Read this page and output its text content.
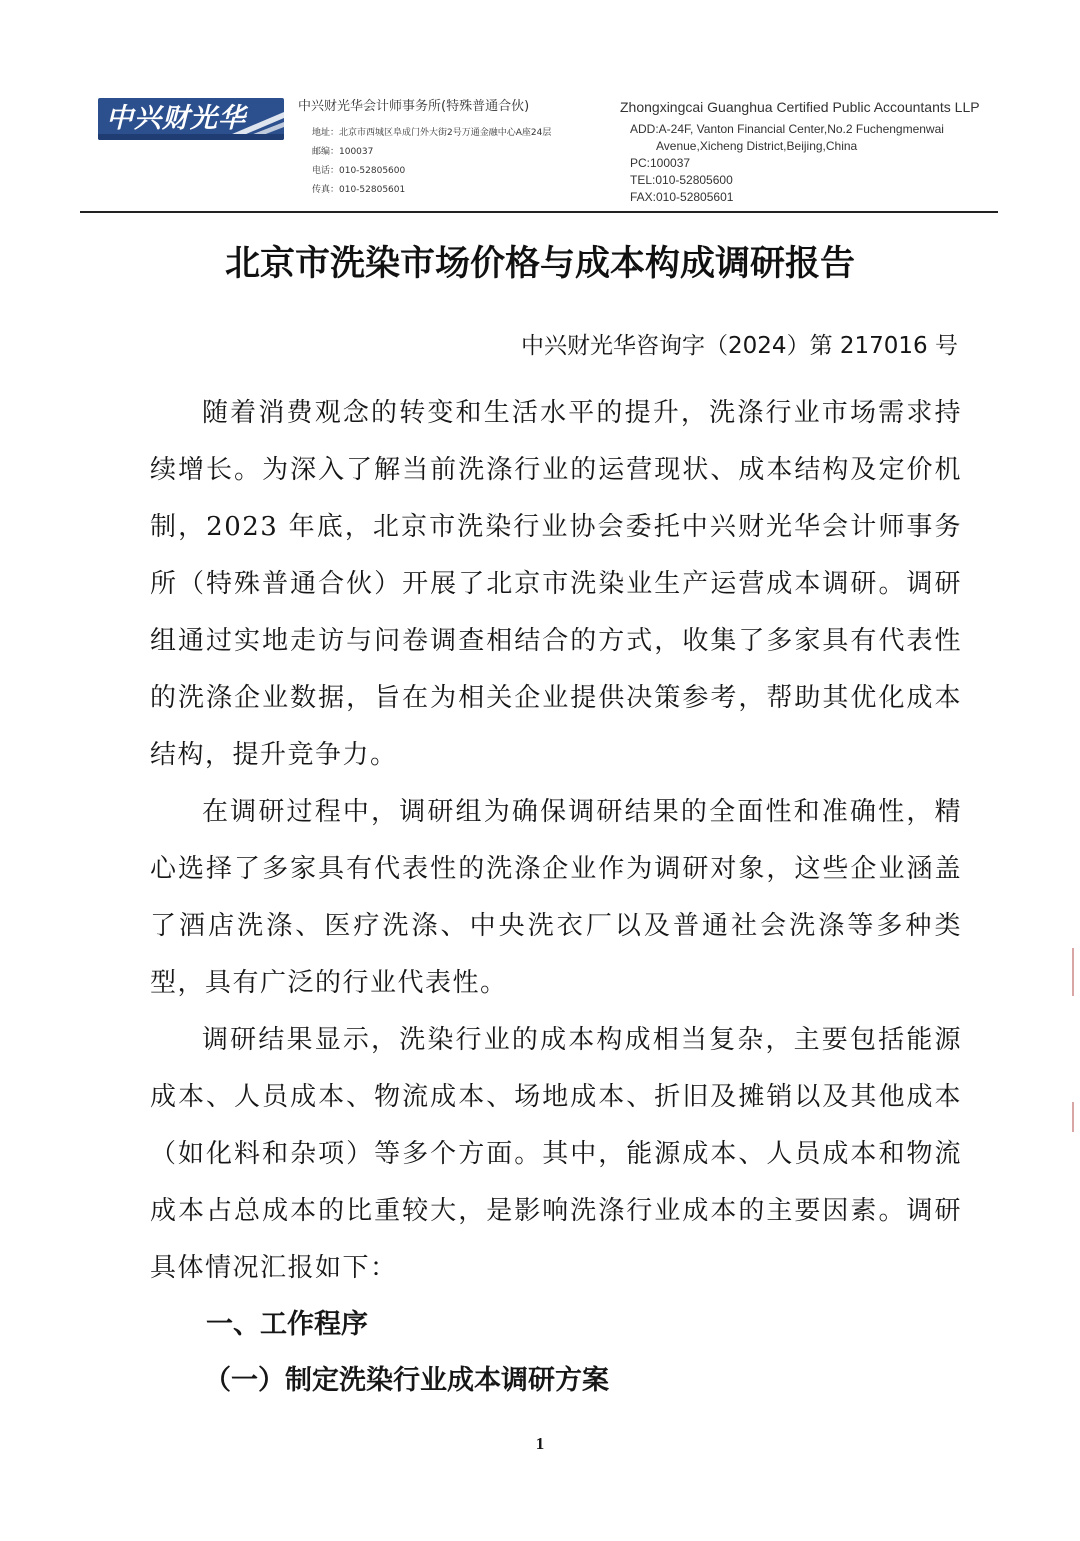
中兴财光华	中兴财光华会计师事务所(特殊普通合伙)
地址：北京市西城区阜成门外大街2号万通金融中心A座24层
邮编：100037
电话：010-52805600
传真：010-52805601
Zhongxingcai Guanghua Certified Public Accountants LLP
ADD:A-24F, Vanton Financial Center,No.2 Fuchengmenwai
Avenue,Xicheng District,Beijing,China
PC:100037
TEL:010-52805600
FAX:010-52805601
北京市洗染市场价格与成本构成调研报告
中兴财光华咨询字（2024）第 217016 号

随着消费观念的转变和生活水平的提升，洗涤行业市场需求持续增长。为深入了解当前洗涤行业的运营现状、成本结构及定价机制，2023 年底，北京市洗染行业协会委托中兴财光华会计师事务所（特殊普通合伙）开展了北京市洗染业生产运营成本调研。调研组通过实地走访与问卷调查相结合的方式，收集了多家具有代表性的洗涤企业数据，旨在为相关企业提供决策参考，帮助其优化成本结构，提升竞争力。

在调研过程中，调研组为确保调研结果的全面性和准确性，精心选择了多家具有代表性的洗涤企业作为调研对象，这些企业涵盖了酒店洗涤、医疗洗涤、中央洗衣厂以及普通社会洗涤等多种类型，具有广泛的行业代表性。

调研结果显示，洗染行业的成本构成相当复杂，主要包括能源成本、人员成本、物流成本、场地成本、折旧及摊销以及其他成本（如化料和杂项）等多个方面。其中，能源成本、人员成本和物流成本占总成本的比重较大，是影响洗涤行业成本的主要因素。调研具体情况汇报如下：

一、工作程序
（一）制定洗染行业成本调研方案
1
